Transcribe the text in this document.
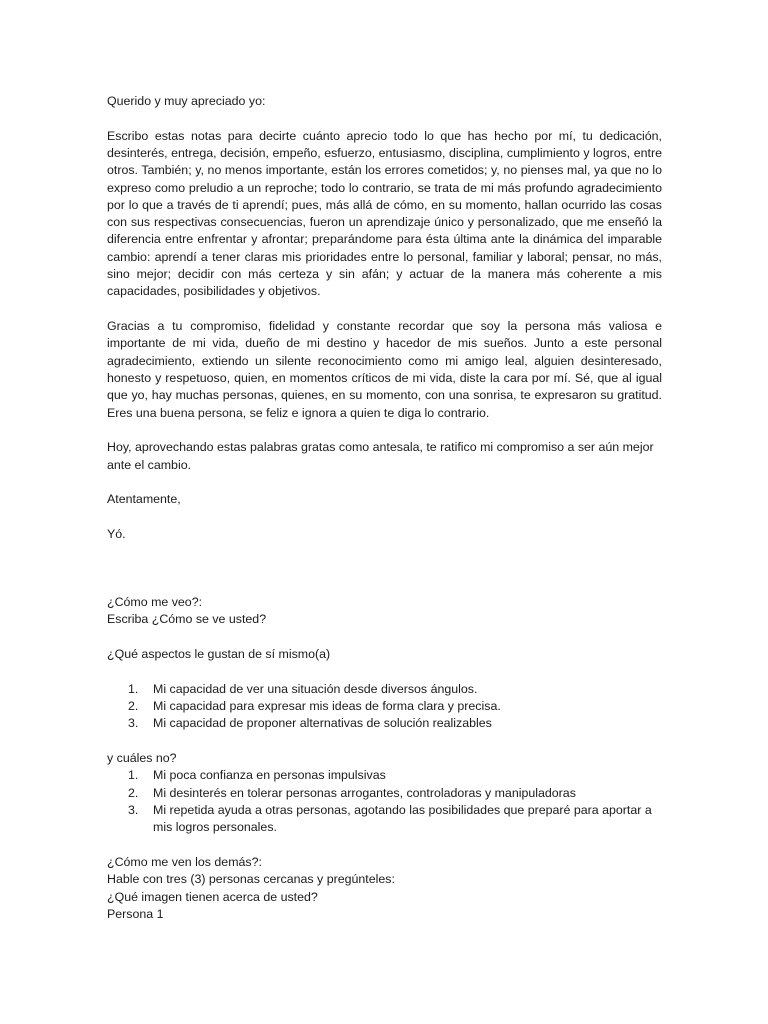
Querido y muy apreciado yo:

Escribo estas notas para decirte cuánto aprecio todo lo que has hecho por mí, tu dedicación, desinterés, entrega, decisión, empeño, esfuerzo, entusiasmo, disciplina, cumplimiento y logros, entre otros. También; y, no menos importante, están los errores cometidos; y, no pienses mal, ya que no lo expreso como preludio a un reproche; todo lo contrario, se trata de mi más profundo agradecimiento por lo que a través de ti aprendí; pues, más allá de cómo, en su momento, hallan ocurrido las cosas con sus respectivas consecuencias, fueron un aprendizaje único y personalizado, que me enseñó la diferencia entre enfrentar y afrontar; preparándome para ésta última ante la dinámica del imparable cambio: aprendí a tener claras mis prioridades entre lo personal, familiar y laboral; pensar, no más, sino mejor; decidir con más certeza y sin afán; y actuar de la manera más coherente a mis capacidades, posibilidades y objetivos.

Gracias a tu compromiso, fidelidad y constante recordar que soy la persona más valiosa e importante de mi vida, dueño de mi destino y hacedor de mis sueños. Junto a este personal agradecimiento, extiendo un silente reconocimiento como mi amigo leal, alguien desinteresado, honesto y respetuoso, quien, en momentos críticos de mi vida, diste la cara por mí. Sé, que al igual que yo, hay muchas personas, quienes, en su momento, con una sonrisa, te expresaron su gratitud. Eres una buena persona, se feliz e ignora a quien te diga lo contrario.

Hoy, aprovechando estas palabras gratas como antesala, te ratifico mi compromiso a ser aún mejor ante el cambio.

Atentamente,

Yó.

¿Cómo me veo?:

Escriba ¿Cómo se ve usted?

¿Qué aspectos le gustan de sí mismo(a)

1. Mi capacidad de ver una situación desde diversos ángulos.
2. Mi capacidad para expresar mis ideas de forma clara y precisa.
3. Mi capacidad de proponer alternativas de solución realizables

y cuáles no?

1. Mi poca confianza en personas impulsivas
2. Mi desinterés en tolerar personas arrogantes, controladoras y manipuladoras
3. Mi repetida ayuda a otras personas, agotando las posibilidades que preparé para aportar a mis logros personales.

¿Cómo me ven los demás?:

Hable con tres (3) personas cercanas y pregúnteles:

¿Qué imagen tienen acerca de usted?

Persona 1
